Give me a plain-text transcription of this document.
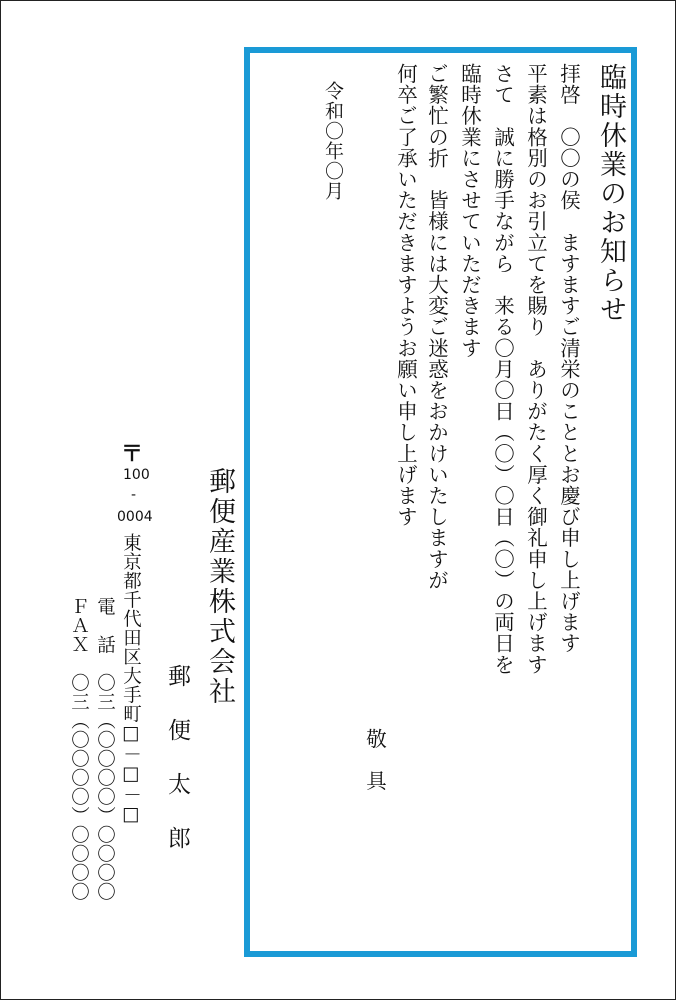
臨時休業のお知らせ
拝啓　〇〇の侯　ますますご清栄のこととお慶び申し上げます
平素は格別のお引立てを賜り　ありがたく厚く御礼申し上げます
さて　誠に勝手ながら　来る〇月〇日（〇）〇日（〇）の両日を
臨時休業にさせていただきます
ご繁忙の折　皆様には大変ご迷惑をおかけいたしますが
何卒ご了承いただきますようお願い申し上げます
敬　具
令和〇年〇月
郵便産業株式会社
郵　便　太　郎
〒
100
-
0004
東京都千代田区大手町□－□－□
電　話　〇三（〇〇〇〇）〇〇〇〇
ＦＡＸ　〇三（〇〇〇〇）〇〇〇〇
